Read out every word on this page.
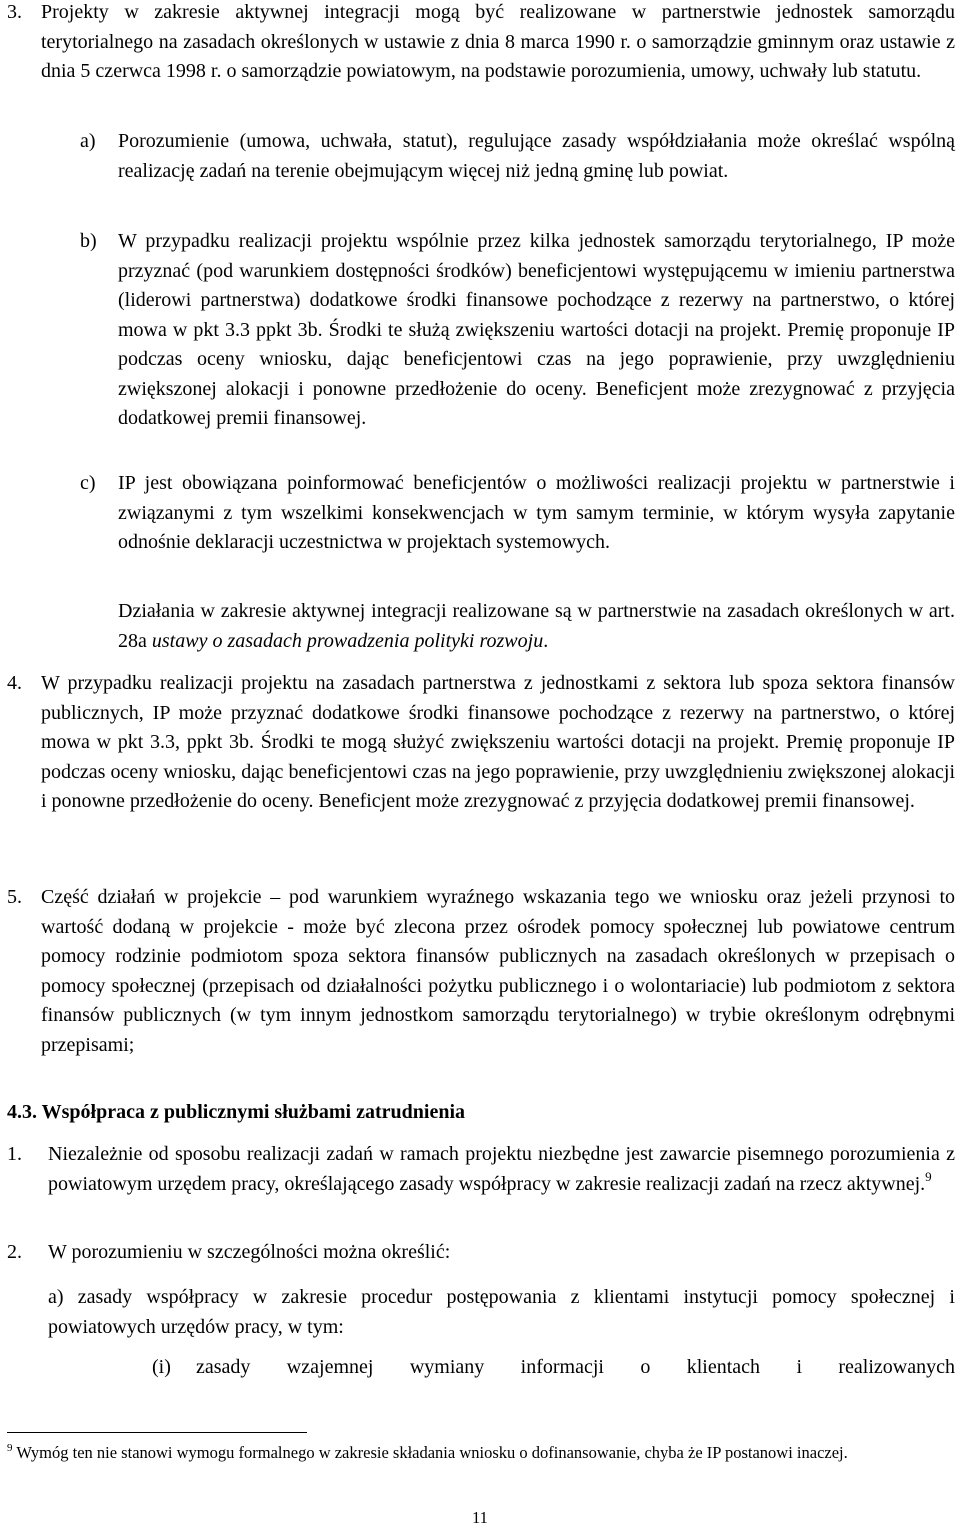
3. Projekty w zakresie aktywnej integracji mogą być realizowane w partnerstwie jednostek samorządu terytorialnego na zasadach określonych w ustawie z dnia 8 marca 1990 r. o samorządzie gminnym oraz ustawie z dnia 5 czerwca 1998 r. o samorządzie powiatowym, na podstawie porozumienia, umowy, uchwały lub statutu.
a) Porozumienie (umowa, uchwała, statut), regulujące zasady współdziałania może określać wspólną realizację zadań na terenie obejmującym więcej niż jedną gminę lub powiat.
b) W przypadku realizacji projektu wspólnie przez kilka jednostek samorządu terytorialnego, IP może przyznać (pod warunkiem dostępności środków) beneficjentowi występującemu w imieniu partnerstwa (liderowi partnerstwa) dodatkowe środki finansowe pochodzące z rezerwy na partnerstwo, o której mowa w pkt 3.3 ppkt 3b. Środki te służą zwiększeniu wartości dotacji na projekt. Premię proponuje IP podczas oceny wniosku, dając beneficjentowi czas na jego poprawienie, przy uwzględnieniu zwiększonej alokacji i ponowne przedłożenie do oceny. Beneficjent może zrezygnować z przyjęcia dodatkowej premii finansowej.
c) IP jest obowiązana poinformować beneficjentów o możliwości realizacji projektu w partnerstwie i związanymi z tym wszelkimi konsekwencjach w tym samym terminie, w którym wysyła zapytanie odnośnie deklaracji uczestnictwa w projektach systemowych.
Działania w zakresie aktywnej integracji realizowane są w partnerstwie na zasadach określonych w art. 28a ustawy o zasadach prowadzenia polityki rozwoju.
4. W przypadku realizacji projektu na zasadach partnerstwa z jednostkami z sektora lub spoza sektora finansów publicznych, IP może przyznać dodatkowe środki finansowe pochodzące z rezerwy na partnerstwo, o której mowa w pkt 3.3, ppkt 3b. Środki te mogą służyć zwiększeniu wartości dotacji na projekt. Premię proponuje IP podczas oceny wniosku, dając beneficjentowi czas na jego poprawienie, przy uwzględnieniu zwiększonej alokacji i ponowne przedłożenie do oceny. Beneficjent może zrezygnować z przyjęcia dodatkowej premii finansowej.
5. Część działań w projekcie – pod warunkiem wyraźnego wskazania tego we wniosku oraz jeżeli przynosi to wartość dodaną w projekcie - może być zlecona przez ośrodek pomocy społecznej lub powiatowe centrum pomocy rodzinie podmiotom spoza sektora finansów publicznych na zasadach określonych w przepisach o pomocy społecznej (przepisach od działalności pożytku publicznego i o wolontariacie) lub podmiotom z sektora finansów publicznych (w tym innym jednostkom samorządu terytorialnego) w trybie określonym odrębnymi przepisami;
4.3. Współpraca z publicznymi służbami zatrudnienia
1. Niezależnie od sposobu realizacji zadań w ramach projektu niezbędne jest zawarcie pisemnego porozumienia z powiatowym urzędem pracy, określającego zasady współpracy w zakresie realizacji zadań na rzecz aktywnej.$^9$
2. W porozumieniu w szczególności można określić:
a) zasady współpracy w zakresie procedur postępowania z klientami instytucji pomocy społecznej i powiatowych urzędów pracy, w tym:
(i) zasady wzajemnej wymiany informacji o klientach i realizowanych
$^9$ Wymóg ten nie stanowi wymogu formalnego w zakresie składania wniosku o dofinansowanie, chyba że IP postanowi inaczej.
11
